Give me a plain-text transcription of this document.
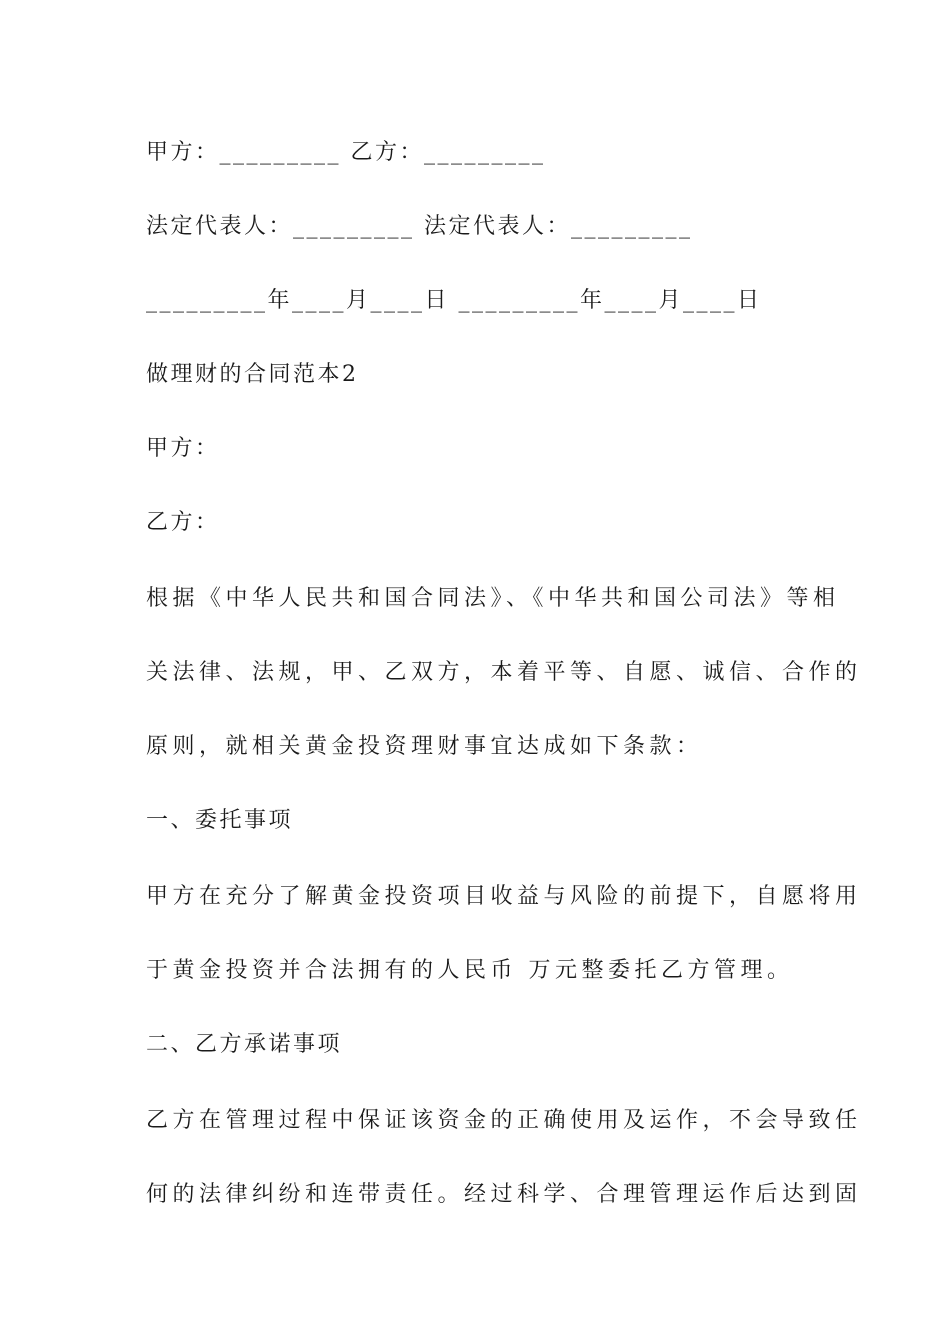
甲方：_________ 乙方：_________
法定代表人：_________ 法定代表人：_________
_________年____月____日 _________年____月____日
做理财的合同范本2
甲方：
乙方：
根据《中华人民共和国合同法》、《中华共和国公司法》等相
关法律、法规，甲、乙双方，本着平等、自愿、诚信、合作的
原则，就相关黄金投资理财事宜达成如下条款：
一、委托事项
甲方在充分了解黄金投资项目收益与风险的前提下，自愿将用
于黄金投资并合法拥有的人民币 万元整委托乙方管理。
二、乙方承诺事项
乙方在管理过程中保证该资金的正确使用及运作，不会导致任
何的法律纠纷和连带责任。经过科学、合理管理运作后达到固
